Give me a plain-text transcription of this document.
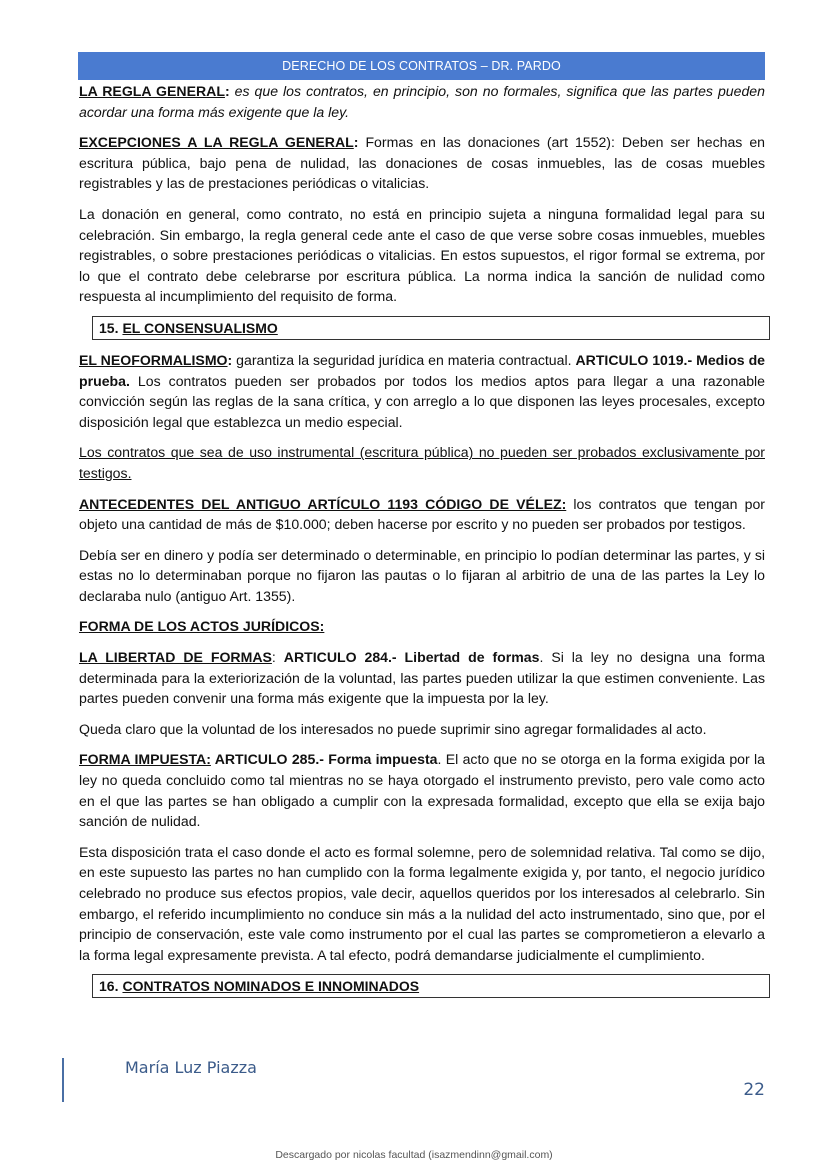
DERECHO DE LOS CONTRATOS – DR. PARDO

LA REGLA GENERAL: es que los contratos, en principio, son no formales, significa que las partes pueden acordar una forma más exigente que la ley.

EXCEPCIONES A LA REGLA GENERAL: Formas en las donaciones (art 1552): Deben ser hechas en escritura pública, bajo pena de nulidad, las donaciones de cosas inmuebles, las de cosas muebles registrables y las de prestaciones periódicas o vitalicias.

La donación en general, como contrato, no está en principio sujeta a ninguna formalidad legal para su celebración. Sin embargo, la regla general cede ante el caso de que verse sobre cosas inmuebles, muebles registrables, o sobre prestaciones periódicas o vitalicias. En estos supuestos, el rigor formal se extrema, por lo que el contrato debe celebrarse por escritura pública. La norma indica la sanción de nulidad como respuesta al incumplimiento del requisito de forma.

15. EL CONSENSUALISMO

EL NEOFORMALISMO: garantiza la seguridad jurídica en materia contractual. ARTICULO 1019.- Medios de prueba. Los contratos pueden ser probados por todos los medios aptos para llegar a una razonable convicción según las reglas de la sana crítica, y con arreglo a lo que disponen las leyes procesales, excepto disposición legal que establezca un medio especial.

Los contratos que sea de uso instrumental (escritura pública) no pueden ser probados exclusivamente por testigos.

ANTECEDENTES DEL ANTIGUO ARTÍCULO 1193 CÓDIGO DE VÉLEZ: los contratos que tengan por objeto una cantidad de más de $10.000; deben hacerse por escrito y no pueden ser probados por testigos.

Debía ser en dinero y podía ser determinado o determinable, en principio lo podían determinar las partes, y si estas no lo determinaban porque no fijaron las pautas o lo fijaran al arbitrio de una de las partes la Ley lo declaraba nulo (antiguo Art. 1355).

FORMA DE LOS ACTOS JURÍDICOS:

LA LIBERTAD DE FORMAS: ARTICULO 284.- Libertad de formas. Si la ley no designa una forma determinada para la exteriorización de la voluntad, las partes pueden utilizar la que estimen conveniente. Las partes pueden convenir una forma más exigente que la impuesta por la ley.

Queda claro que la voluntad de los interesados no puede suprimir sino agregar formalidades al acto.

FORMA IMPUESTA: ARTICULO 285.- Forma impuesta. El acto que no se otorga en la forma exigida por la ley no queda concluido como tal mientras no se haya otorgado el instrumento previsto, pero vale como acto en el que las partes se han obligado a cumplir con la expresada formalidad, excepto que ella se exija bajo sanción de nulidad.

Esta disposición trata el caso donde el acto es formal solemne, pero de solemnidad relativa. Tal como se dijo, en este supuesto las partes no han cumplido con la forma legalmente exigida y, por tanto, el negocio jurídico celebrado no produce sus efectos propios, vale decir, aquellos queridos por los interesados al celebrarlo. Sin embargo, el referido incumplimiento no conduce sin más a la nulidad del acto instrumentado, sino que, por el principio de conservación, este vale como instrumento por el cual las partes se comprometieron a elevarlo a la forma legal expresamente prevista. A tal efecto, podrá demandarse judicialmente el cumplimiento.

16. CONTRATOS NOMINADOS E INNOMINADOS
María Luz Piazza
22
Descargado por nicolas facultad (isazmendinn@gmail.com)
